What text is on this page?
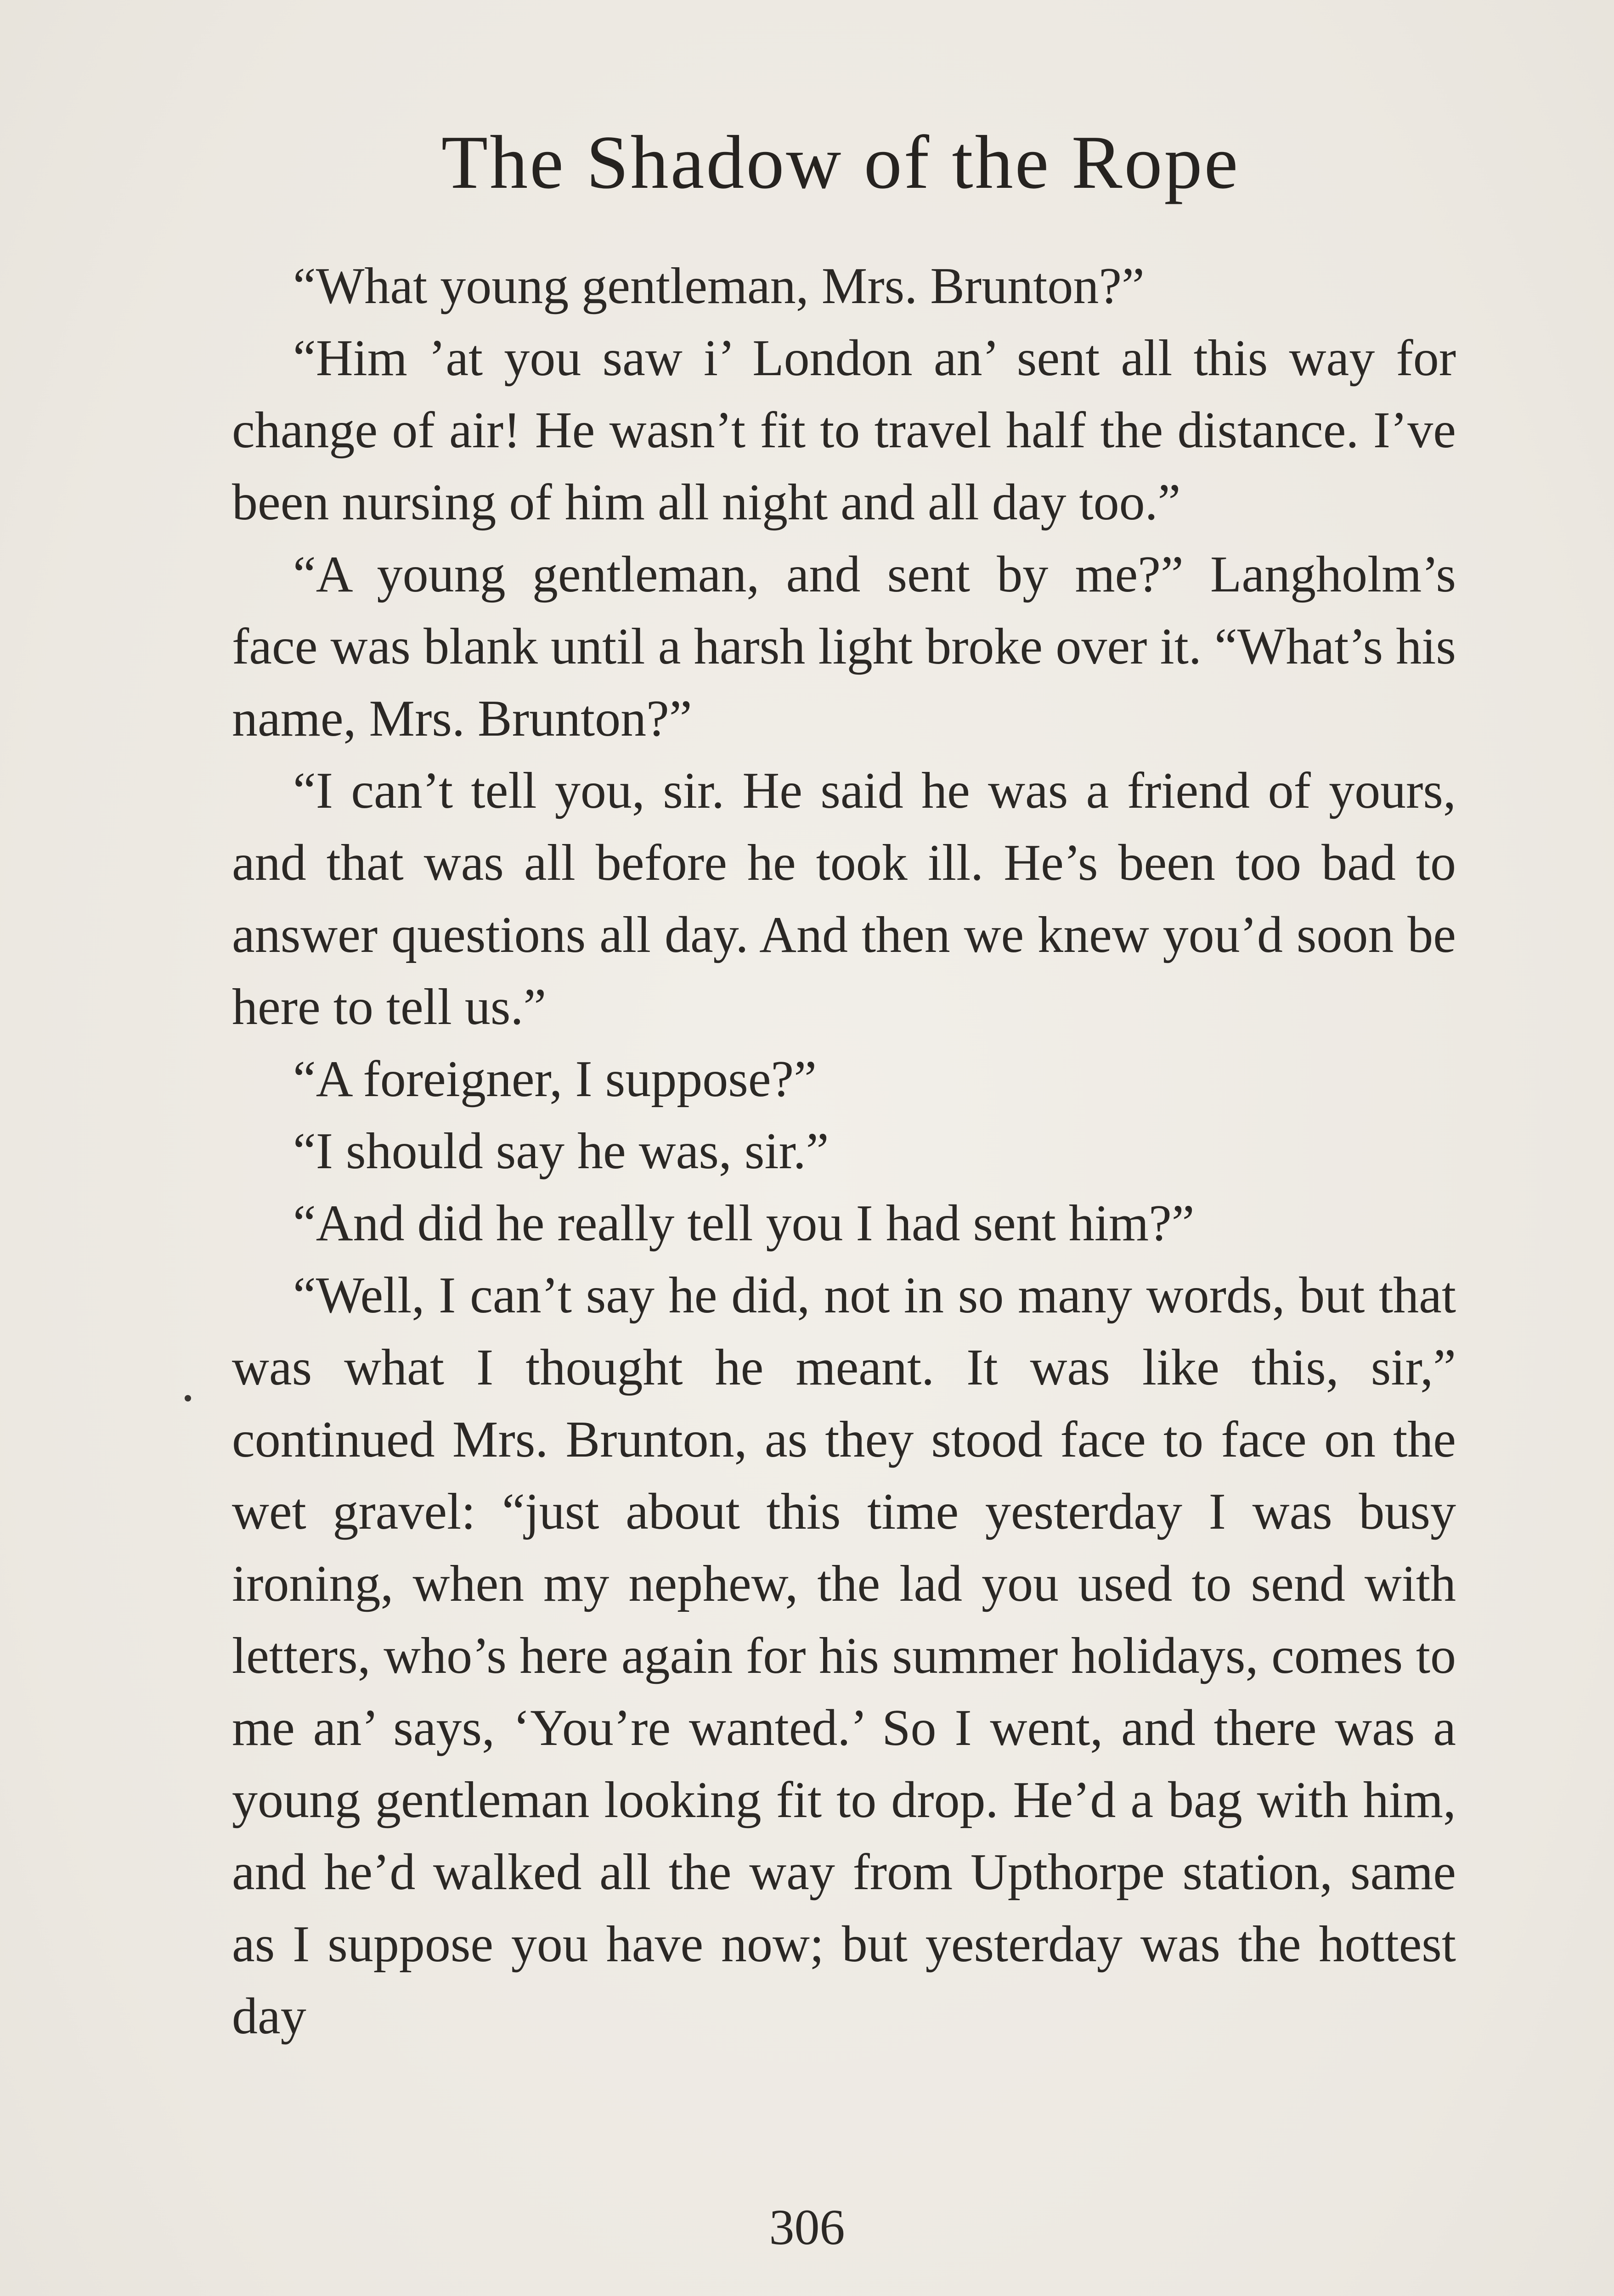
The Shadow of the Rope

“What young gentleman, Mrs. Brunton?”

“Him ’at you saw i’ London an’ sent all this way for change of air! He wasn’t fit to travel half the distance. I’ve been nursing of him all night and all day too.”

“A young gentleman, and sent by me?” Langholm’s face was blank until a harsh light broke over it. “What’s his name, Mrs. Brunton?”

“I can’t tell you, sir. He said he was a friend of yours, and that was all before he took ill. He’s been too bad to answer questions all day. And then we knew you’d soon be here to tell us.”

“A foreigner, I suppose?”

“I should say he was, sir.”

“And did he really tell you I had sent him?”

“Well, I can’t say he did, not in so many words, but that was what I thought he meant. It was like this, sir,” continued Mrs. Brunton, as they stood face to face on the wet gravel: “just about this time yesterday I was busy ironing, when my nephew, the lad you used to send with letters, who’s here again for his summer holidays, comes to me an’ says, ‘You’re wanted.’ So I went, and there was a young gentleman looking fit to drop. He’d a bag with him, and he’d walked all the way from Upthorpe station, same as I suppose you have now; but yesterday was the hottest day

306
